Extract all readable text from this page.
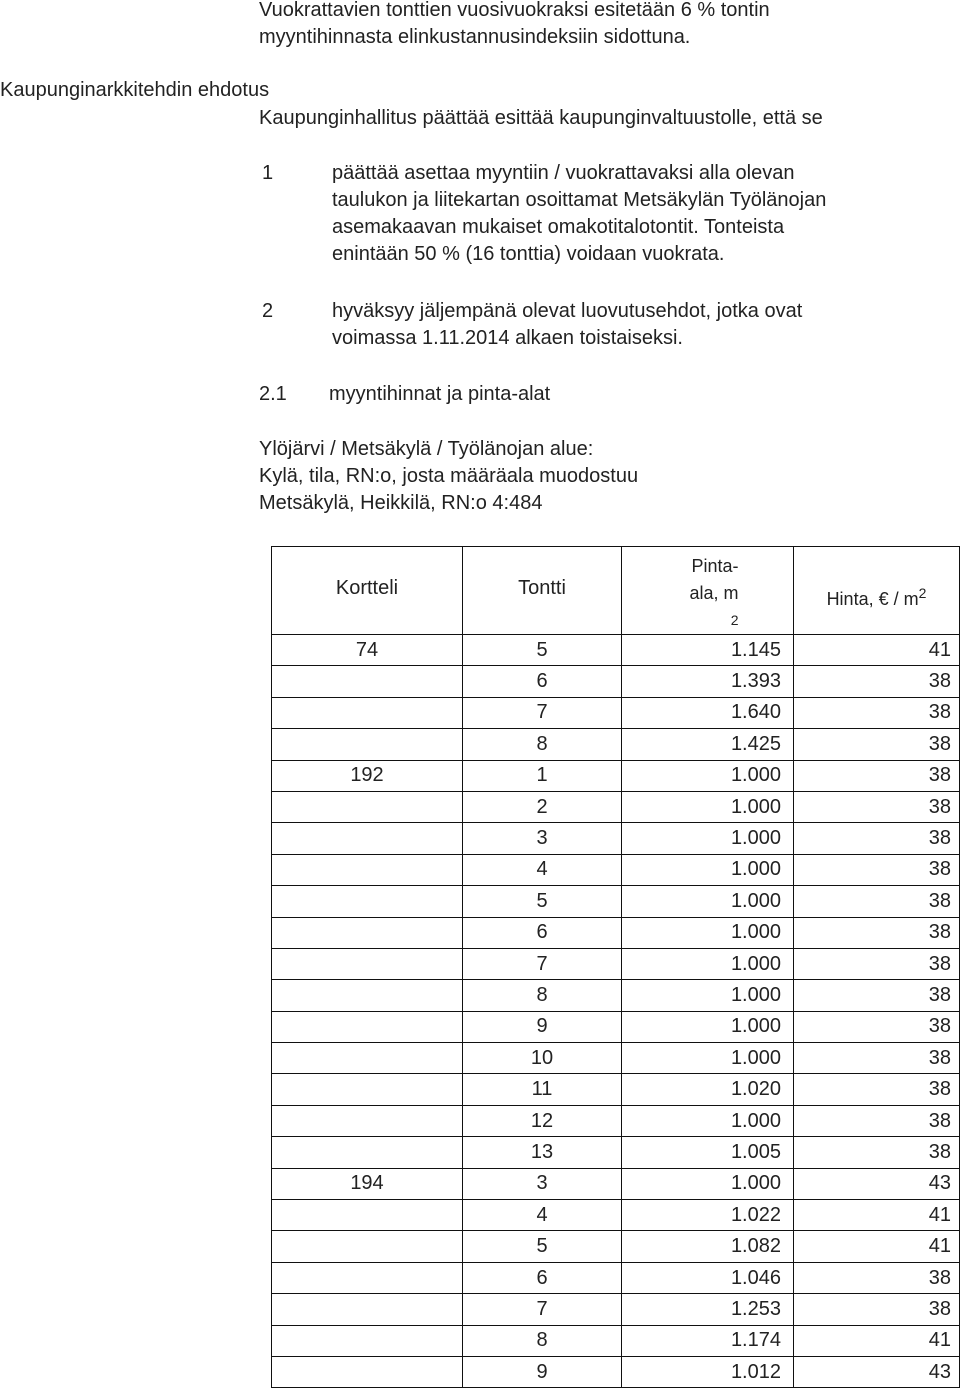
Vuokrattavien tonttien vuosivuokraksi esitetään 6 % tontin
myyntihinnasta elinkustannusindeksiin sidottuna.
Kaupunginarkkitehdin ehdotus
Kaupunginhallitus päättää esittää kaupunginvaltuustolle, että se
1	päättää asettaa myyntiin / vuokrattavaksi alla olevan
taulukon ja liitekartan osoittamat Metsäkylän Työlänojan
asemakaavan mukaiset omakotitalotontit. Tonteista
enintään 50 % (16 tonttia) voidaan vuokrata.
2	hyväksyy jäljempänä olevat luovutusehdot, jotka ovat
voimassa 1.11.2014 alkaen toistaiseksi.
2.1	myyntihinnat ja pinta-alat
Ylöjärvi / Metsäkylä / Työlänojan alue:
Kylä, tila, RN:o, josta määräala muodostuu
Metsäkylä, Heikkilä, RN:o 4:484
Kortteli	Tontti	Pinta-ala, $m^2$	Hinta, € / $m^2$
74	5	1.145	41
	6	1.393	38
	7	1.640	38
	8	1.425	38
192	1	1.000	38
	2	1.000	38
	3	1.000	38
	4	1.000	38
	5	1.000	38
	6	1.000	38
	7	1.000	38
	8	1.000	38
	9	1.000	38
	10	1.000	38
	11	1.020	38
	12	1.000	38
	13	1.005	38
194	3	1.000	43
	4	1.022	41
	5	1.082	41
	6	1.046	38
	7	1.253	38
	8	1.174	41
	9	1.012	43
